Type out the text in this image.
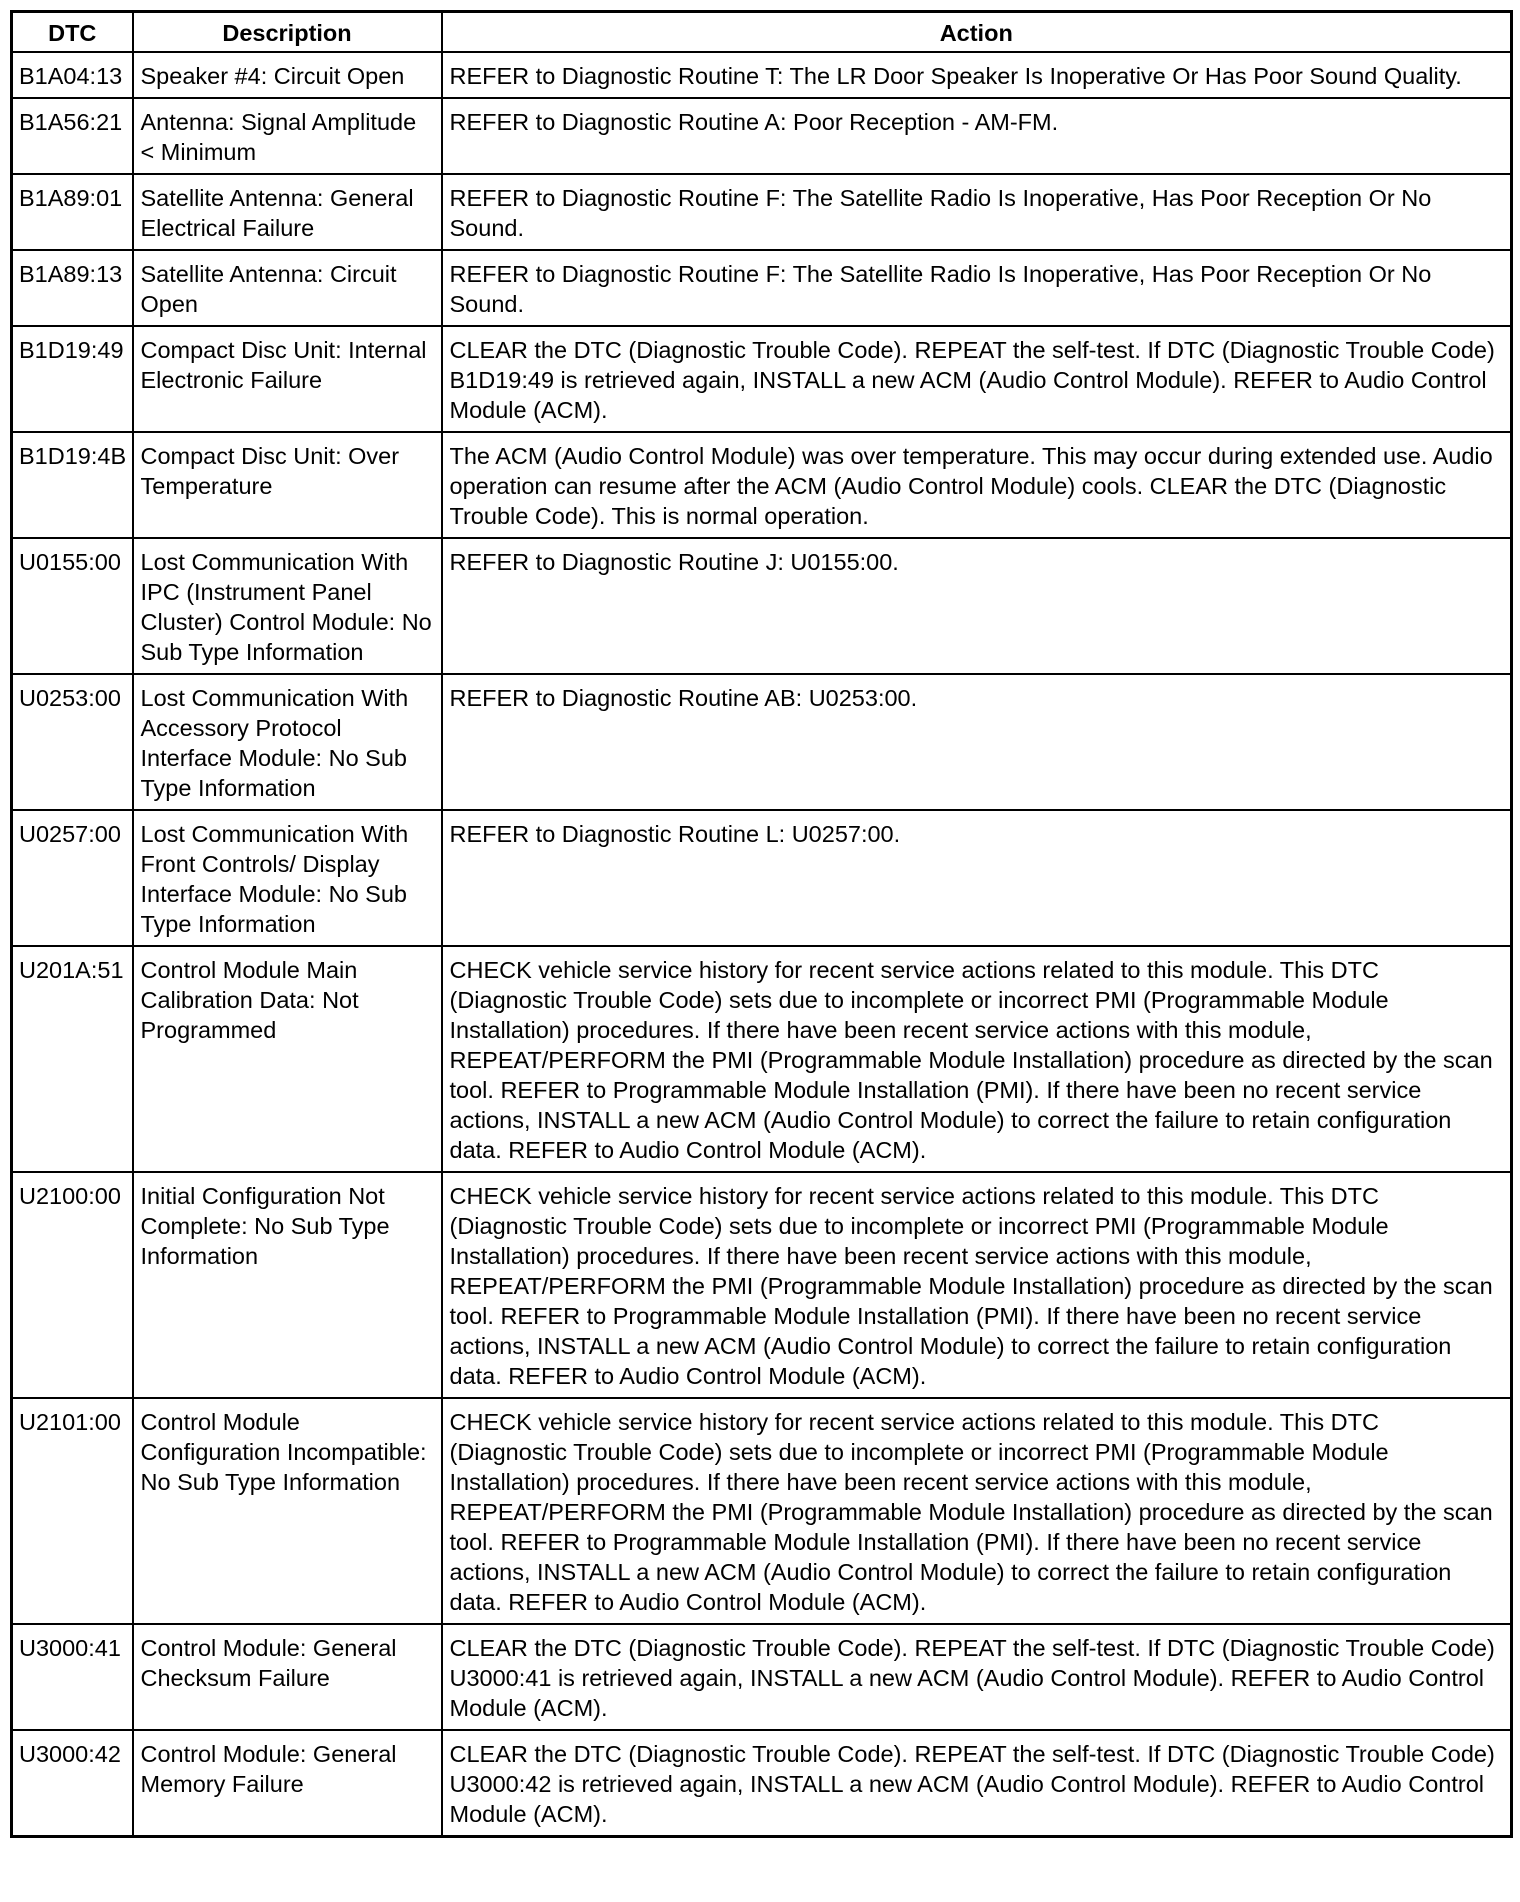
DTC	Description	Action
B1A04:13	Speaker #4: Circuit Open	REFER to Diagnostic Routine T: The LR Door Speaker Is Inoperative Or Has Poor Sound Quality.
B1A56:21	Antenna: Signal Amplitude < Minimum	REFER to Diagnostic Routine A: Poor Reception - AM-FM.
B1A89:01	Satellite Antenna: General Electrical Failure	REFER to Diagnostic Routine F: The Satellite Radio Is Inoperative, Has Poor Reception Or No Sound.
B1A89:13	Satellite Antenna: Circuit Open	REFER to Diagnostic Routine F: The Satellite Radio Is Inoperative, Has Poor Reception Or No Sound.
B1D19:49	Compact Disc Unit: Internal Electronic Failure	CLEAR the DTC (Diagnostic Trouble Code). REPEAT the self-test. If DTC (Diagnostic Trouble Code) B1D19:49 is retrieved again, INSTALL a new ACM (Audio Control Module). REFER to Audio Control Module (ACM).
B1D19:4B	Compact Disc Unit: Over Temperature	The ACM (Audio Control Module) was over temperature. This may occur during extended use. Audio operation can resume after the ACM (Audio Control Module) cools. CLEAR the DTC (Diagnostic Trouble Code). This is normal operation.
U0155:00	Lost Communication With IPC (Instrument Panel Cluster) Control Module: No Sub Type Information	REFER to Diagnostic Routine J: U0155:00.
U0253:00	Lost Communication With Accessory Protocol Interface Module: No Sub Type Information	REFER to Diagnostic Routine AB: U0253:00.
U0257:00	Lost Communication With Front Controls/ Display Interface Module: No Sub Type Information	REFER to Diagnostic Routine L: U0257:00.
U201A:51	Control Module Main Calibration Data: Not Programmed	CHECK vehicle service history for recent service actions related to this module. This DTC (Diagnostic Trouble Code) sets due to incomplete or incorrect PMI (Programmable Module Installation) procedures. If there have been recent service actions with this module, REPEAT/PERFORM the PMI (Programmable Module Installation) procedure as directed by the scan tool. REFER to Programmable Module Installation (PMI). If there have been no recent service actions, INSTALL a new ACM (Audio Control Module) to correct the failure to retain configuration data. REFER to Audio Control Module (ACM).
U2100:00	Initial Configuration Not Complete: No Sub Type Information	CHECK vehicle service history for recent service actions related to this module. This DTC (Diagnostic Trouble Code) sets due to incomplete or incorrect PMI (Programmable Module Installation) procedures. If there have been recent service actions with this module, REPEAT/PERFORM the PMI (Programmable Module Installation) procedure as directed by the scan tool. REFER to Programmable Module Installation (PMI). If there have been no recent service actions, INSTALL a new ACM (Audio Control Module) to correct the failure to retain configuration data. REFER to Audio Control Module (ACM).
U2101:00	Control Module Configuration Incompatible: No Sub Type Information	CHECK vehicle service history for recent service actions related to this module. This DTC (Diagnostic Trouble Code) sets due to incomplete or incorrect PMI (Programmable Module Installation) procedures. If there have been recent service actions with this module, REPEAT/PERFORM the PMI (Programmable Module Installation) procedure as directed by the scan tool. REFER to Programmable Module Installation (PMI). If there have been no recent service actions, INSTALL a new ACM (Audio Control Module) to correct the failure to retain configuration data. REFER to Audio Control Module (ACM).
U3000:41	Control Module: General Checksum Failure	CLEAR the DTC (Diagnostic Trouble Code). REPEAT the self-test. If DTC (Diagnostic Trouble Code) U3000:41 is retrieved again, INSTALL a new ACM (Audio Control Module). REFER to Audio Control Module (ACM).
U3000:42	Control Module: General Memory Failure	CLEAR the DTC (Diagnostic Trouble Code). REPEAT the self-test. If DTC (Diagnostic Trouble Code) U3000:42 is retrieved again, INSTALL a new ACM (Audio Control Module). REFER to Audio Control Module (ACM).
